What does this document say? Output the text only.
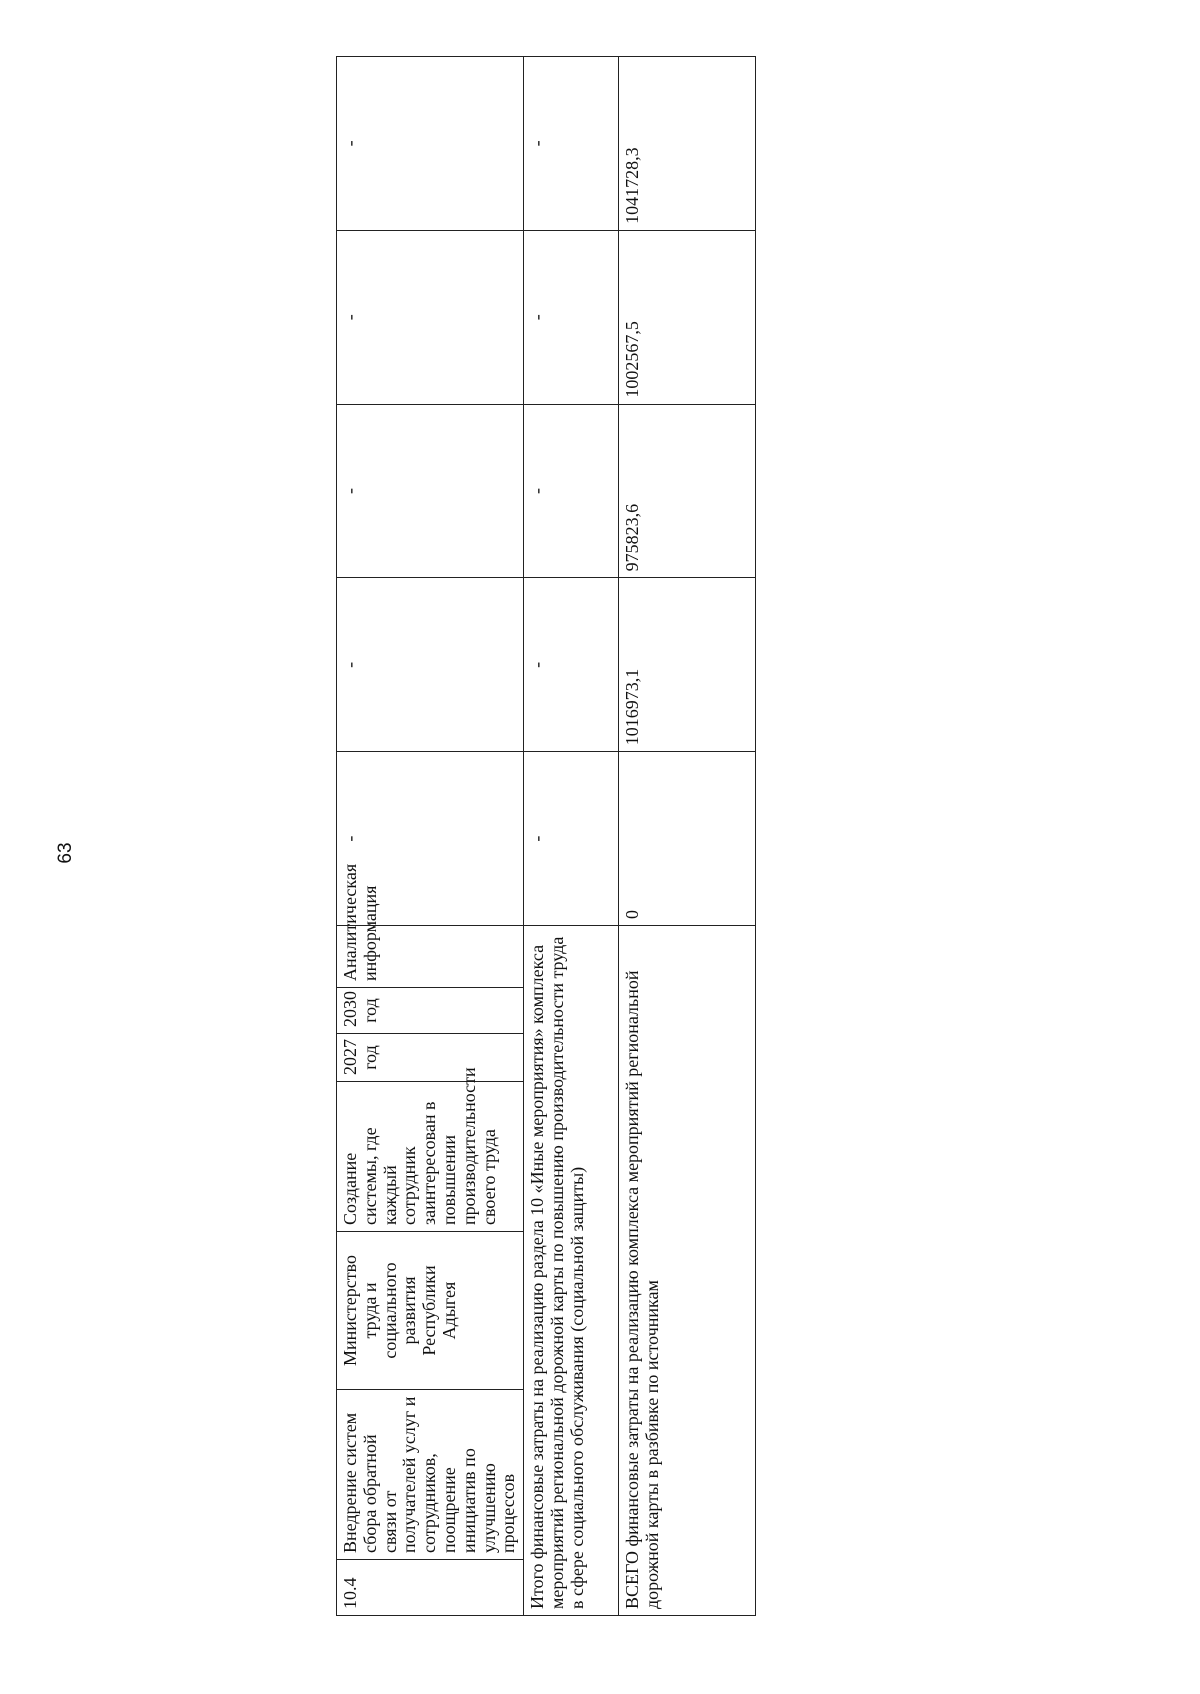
63
10.4	Внедрение систем сбора обратной связи от получателей услуг и сотрудников, поощрение инициатив по улучшению процессов	Министерство труда и социального развития Республики Адыгея	Создание системы, где каждый сотрудник заинтересован в повышении производительности своего труда	2027 год	2030 год	Аналитическая информация	-	-	-	-	-
Итого финансовые затраты на реализацию раздела 10 «Иные мероприятия» комплекса мероприятий региональной дорожной карты по повышению производительности труда в сфере социального обслуживания (социальной защиты)							-	-	-	-	-
ВСЕГО финансовые затраты на реализацию комплекса мероприятий региональной дорожной карты в разбивке по источникам							0	1016973,1	975823,6	1002567,5	1041728,3
